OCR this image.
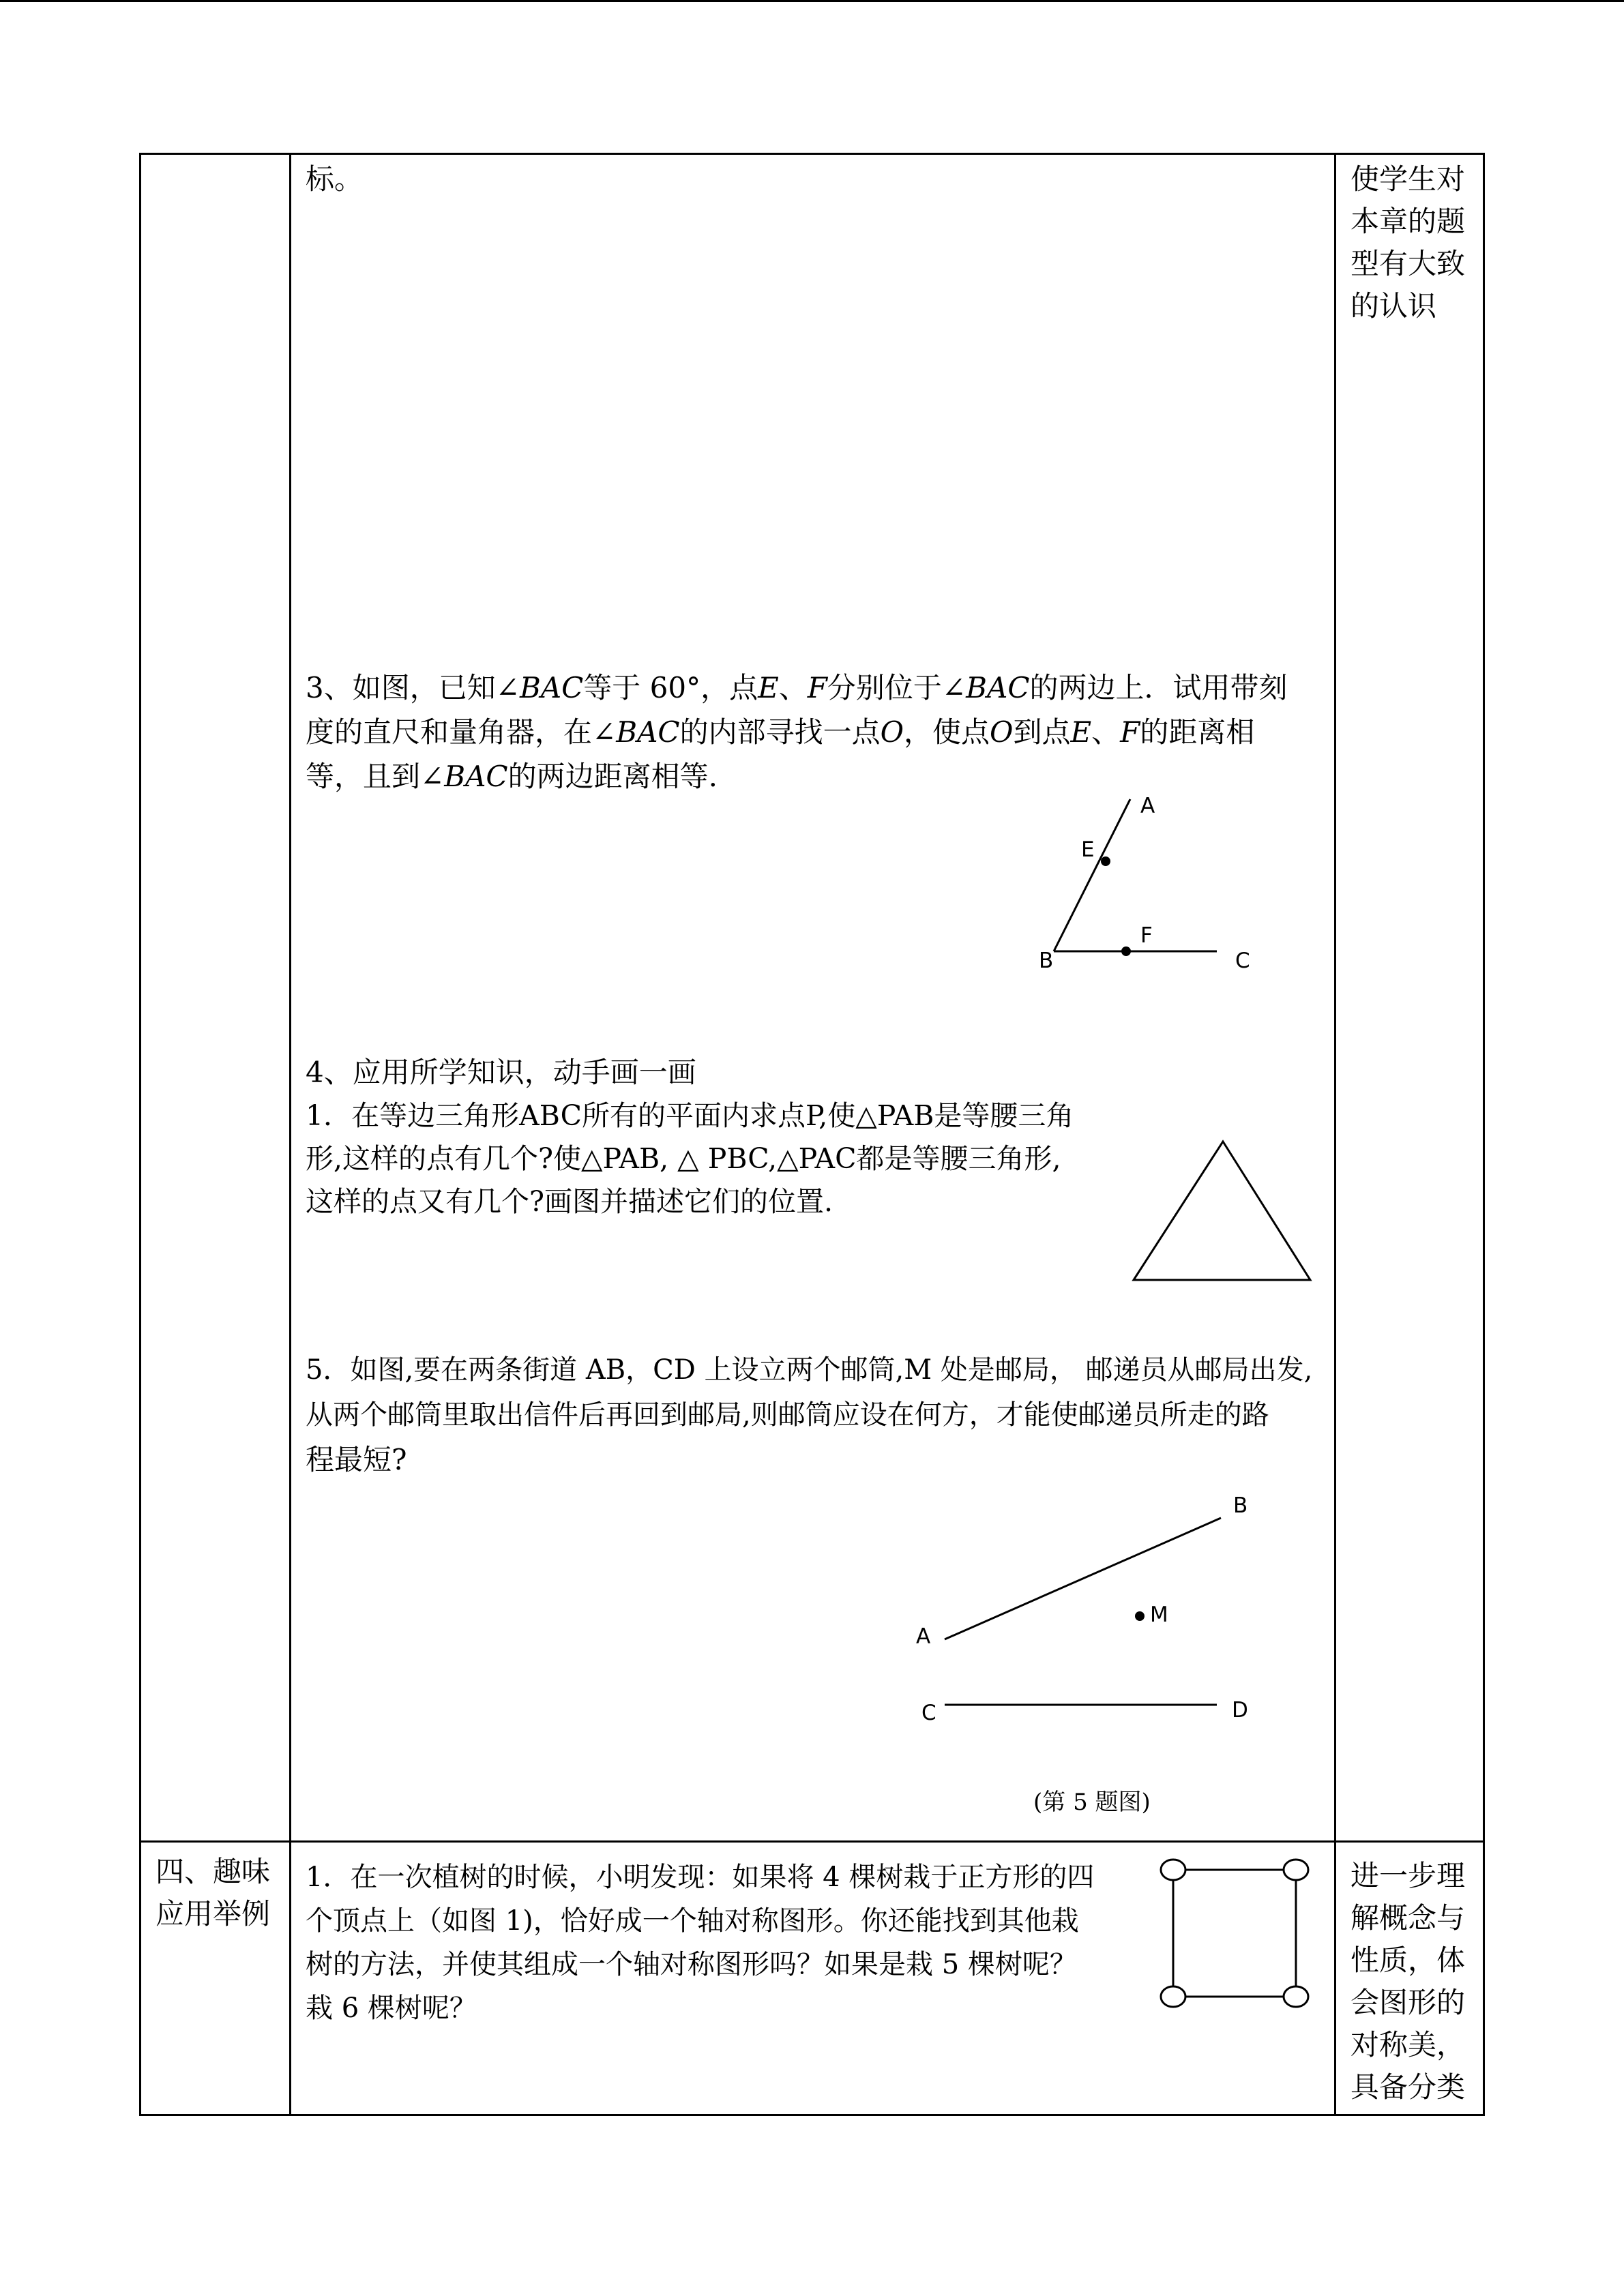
标。	使学生对
本章的题
型有大致
的认识
3、如图，已知∠BAC等于 60°，点E、F分别位于∠BAC的两边上．试用带刻
度的直尺和量角器，在∠BAC的内部寻找一点O，使点O到点E、F的距离相
等，且到∠BAC的两边距离相等.
4、应用所学知识，动手画一画
1．在等边三角形ABC所有的平面内求点P,使△PAB是等腰三角
形,这样的点有几个?使△PAB, △ PBC,△PAC都是等腰三角形,
这样的点又有几个?画图并描述它们的位置.
5．如图,要在两条街道 AB，CD 上设立两个邮筒,M 处是邮局， 邮递员从邮局出发,
从两个邮筒里取出信件后再回到邮局,则邮筒应设在何方，才能使邮递员所走的路
程最短?
A
E
B
F
C
B
A
M
C	D
(第 5 题图)
四、趣味
应用举例
1．在一次植树的时候，小明发现：如果将 4 棵树栽于正方形的四
个顶点上（如图 1)，恰好成一个轴对称图形。你还能找到其他栽
树的方法，并使其组成一个轴对称图形吗？如果是栽 5 棵树呢？
栽 6 棵树呢？
进一步理
解概念与
性质，体
会图形的
对称美，
具备分类
